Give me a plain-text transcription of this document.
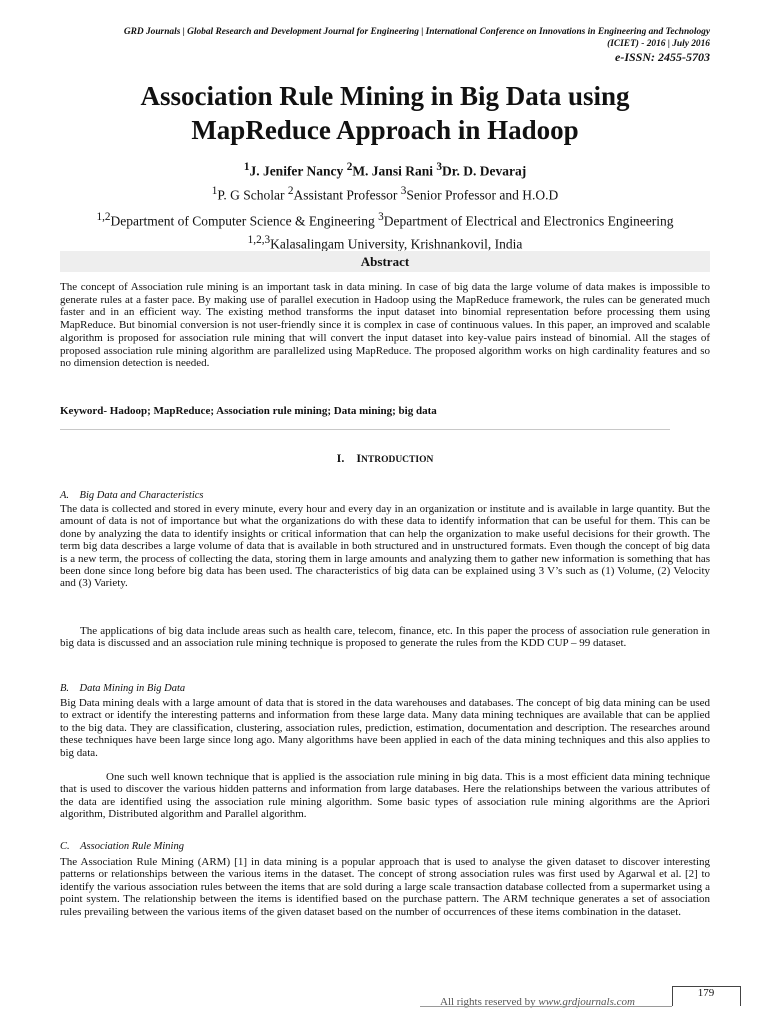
GRD Journals | Global Research and Development Journal for Engineering | International Conference on Innovations in Engineering and Technology
(ICIET) - 2016 | July 2016
e-ISSN: 2455-5703
Association Rule Mining in Big Data using
MapReduce Approach in Hadoop
$^1$J. Jenifer Nancy $^2$M. Jansi Rani $^3$Dr. D. Devaraj
$^1$P. G Scholar $^2$Assistant Professor $^3$Senior Professor and H.O.D
$^{1,2}$Department of Computer Science & Engineering $^3$Department of Electrical and Electronics Engineering
$^{1,2,3}$Kalasalingam University, Krishnankovil, India
Abstract
The concept of Association rule mining is an important task in data mining. In case of big data the large volume of data makes is impossible to generate rules at a faster pace. By making use of parallel execution in Hadoop using the MapReduce framework, the rules can be generated much faster and in an efficient way. The existing method transforms the input dataset into binomial representation before processing them using MapReduce. But binomial conversion is not user-friendly since it is complex in case of continuous values. In this paper, an improved and scalable algorithm is proposed for association rule mining that will convert the input dataset into key-value pairs instead of binomial. All the stages of proposed association rule mining algorithm are parallelized using MapReduce. The proposed algorithm works on high cardinality features and so no dimension detection is needed.
Keyword- Hadoop; MapReduce; Association rule mining; Data mining; big data
I. INTRODUCTION
A.    Big Data and Characteristics

The data is collected and stored in every minute, every hour and every day in an organization or institute and is available in large quantity. But the amount of data is not of importance but what the organizations do with these data to identify information that can be useful for them. This can be done by analyzing the data to identify insights or critical information that can help the organization to make useful decisions for their growth. The term big data describes a large volume of data that is available in both structured and in unstructured formats. Even though the concept of big data is a new term, the process of collecting the data, storing them in large amounts and analyzing them to gather new information is something that has been done since long before big data has been used. The characteristics of big data can be explained using 3 V’s such as (1) Volume, (2) Velocity and (3) Variety.

The applications of big data include areas such as health care, telecom, finance, etc. In this paper the process of association rule generation in big data is discussed and an association rule mining technique is proposed to generate the rules from the KDD CUP – 99 dataset.

B.    Data Mining in Big Data

Big Data mining deals with a large amount of data that is stored in the data warehouses and databases. The concept of big data mining can be used to extract or identify the interesting patterns and information from these large data. Many data mining techniques are available that can be applied to the big data. They are classification, clustering, association rules, prediction, estimation, documentation and description. The researches around these techniques have been large since long ago. Many algorithms have been applied in each of the data mining techniques and this also applies to big data.

One such well known technique that is applied is the association rule mining in big data. This is a most efficient data mining technique that is used to discover the various hidden patterns and information from large databases. Here the relationships between the various attributes of the data are identified using the association rule mining algorithm. Some basic types of association rule mining algorithms are the Apriori algorithm, Distributed algorithm and Parallel algorithm.

C.    Association Rule Mining

The Association Rule Mining (ARM) [1] in data mining is a popular approach that is used to analyse the given dataset to discover interesting patterns or relationships between the various items in the dataset. The concept of strong association rules was first used by Agarwal et al. [2] to identify the various association rules between the items that are sold during a large scale transaction database collected from a supermarket using a point system. The relationship between the items is identified based on the purchase pattern. The ARM technique generates a set of association rules prevailing between the various items of the given dataset based on the number of occurrences of these items combination in the dataset.

All rights reserved by www.grdjournals.com
179
